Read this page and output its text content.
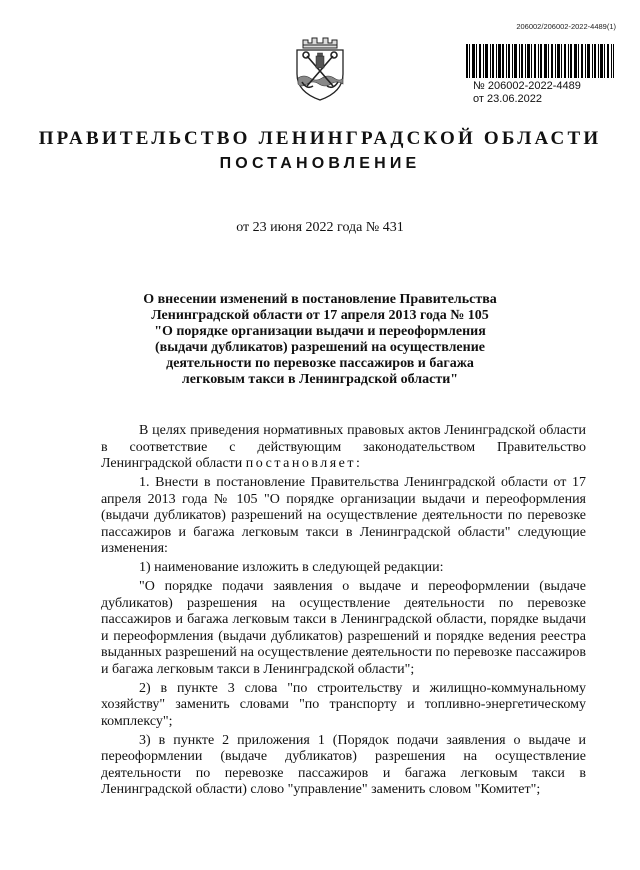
206002/206002-2022-4489(1)
№ 206002-2022-4489
от 23.06.2022
ПРАВИТЕЛЬСТВО ЛЕНИНГРАДСКОЙ ОБЛАСТИ
ПОСТАНОВЛЕНИЕ
от 23 июня 2022 года № 431
О внесении изменений в постановление Правительства
Ленинградской области от 17 апреля 2013 года № 105
"О порядке организации выдачи и переоформления
(выдачи дубликатов) разрешений на осуществление
деятельности по перевозке пассажиров и багажа
легковым такси в Ленинградской области"

В целях приведения нормативных правовых актов Ленинградской области в соответствие с действующим законодательством Правительство Ленинградской области постановляет:

1. Внести в постановление Правительства Ленинградской области от 17 апреля 2013 года № 105 "О порядке организации выдачи и переоформления (выдачи дубликатов) разрешений на осуществление деятельности по перевозке пассажиров и багажа легковым такси в Ленинградской области" следующие изменения:

1) наименование изложить в следующей редакции:

"О порядке подачи заявления о выдаче и переоформлении (выдаче дубликатов) разрешения на осуществление деятельности по перевозке пассажиров и багажа легковым такси в Ленинградской области, порядке выдачи и переоформления (выдачи дубликатов) разрешений и порядке ведения реестра выданных разрешений на осуществление деятельности по перевозке пассажиров и багажа легковым такси в Ленинградской области";

2) в пункте 3 слова "по строительству и жилищно-коммунальному хозяйству" заменить словами "по транспорту и топливно-энергетическому комплексу";

3) в пункте 2 приложения 1 (Порядок подачи заявления о выдаче и переоформлении (выдаче дубликатов) разрешения на осуществление деятельности по перевозке пассажиров и багажа легковым такси в Ленинградской области) слово "управление" заменить словом "Комитет";
